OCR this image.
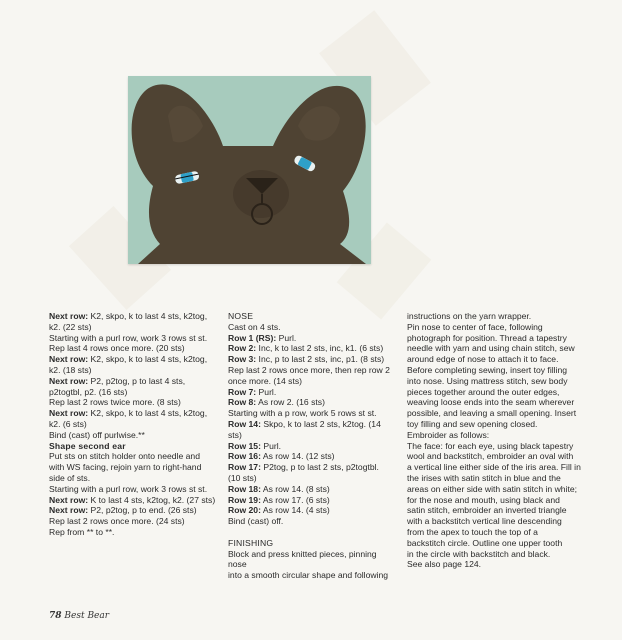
Next row: K2, skpo, k to last 4 sts, k2tog,

k2. (22 sts)

Starting with a purl row, work 3 rows st st.

Rep last 4 rows once more. (20 sts)

Next row: K2, skpo, k to last 4 sts, k2tog,

k2. (18 sts)

Next row: P2, p2tog, p to last 4 sts,

p2togtbl, p2. (16 sts)

Rep last 2 rows twice more. (8 sts)

Next row: K2, skpo, k to last 4 sts, k2tog,

k2. (6 sts)

Bind (cast) off purlwise.**

Shape second ear

Put sts on stitch holder onto needle and

with WS facing, rejoin yarn to right-hand

side of sts.

Starting with a purl row, work 3 rows st st.

Next row: K to last 4 sts, k2tog, k2. (27 sts)

Next row: P2, p2tog, p to end. (26 sts)

Rep last 2 rows once more. (24 sts)

Rep from ** to **.

NOSE

Cast on 4 sts.

Row 1 (RS): Purl.

Row 2: Inc, k to last 2 sts, inc, k1. (6 sts)

Row 3: Inc, p to last 2 sts, inc, p1. (8 sts)

Rep last 2 rows once more, then rep row 2

once more. (14 sts)

Row 7: Purl.

Row 8: As row 2. (16 sts)

Starting with a p row, work 5 rows st st.

Row 14: Skpo, k to last 2 sts, k2tog. (14

sts)

Row 15: Purl.

Row 16: As row 14. (12 sts)

Row 17: P2tog, p to last 2 sts, p2togtbl.

(10 sts)

Row 18: As row 14. (8 sts)

Row 19: As row 17. (6 sts)

Row 20: As row 14. (4 sts)

Bind (cast) off.

FINISHING

Block and press knitted pieces, pinning nose

into a smooth circular shape and following

instructions on the yarn wrapper.

Pin nose to center of face, following

photograph for position. Thread a tapestry

needle with yarn and using chain stitch, sew

around edge of nose to attach it to face.

Before completing sewing, insert toy filling

into nose. Using mattress stitch, sew body

pieces together around the outer edges,

weaving loose ends into the seam wherever

possible, and leaving a small opening. Insert

toy filling and sew opening closed.

Embroider as follows:

The face: for each eye, using black tapestry

wool and backstitch, embroider an oval with

a vertical line either side of the iris area. Fill in

the irises with satin stitch in blue and the

areas on either side with satin stitch in white;

for the nose and mouth, using black and

satin stitch, embroider an inverted triangle

with a backstitch vertical line descending

from the apex to touch the top of a

backstitch circle. Outline one upper tooth

in the circle with backstitch and black.

See also page 124.

78 Best Bear
